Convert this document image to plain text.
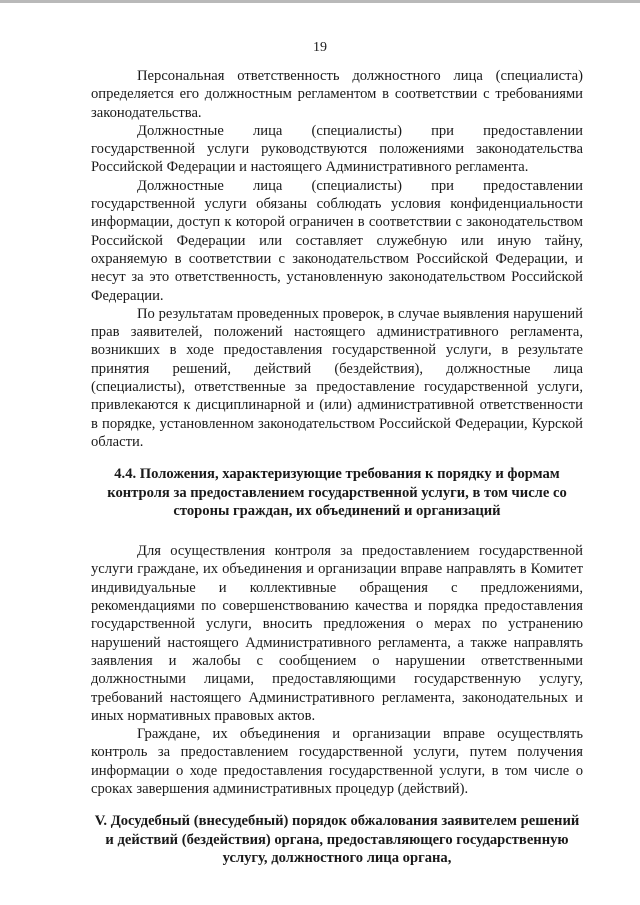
19

Персональная ответственность должностного лица (специалиста) определяется его должностным регламентом в соответствии с требованиями законодательства.

Должностные лица (специалисты) при предоставлении государственной услуги руководствуются положениями законодательства Российской Федерации и настоящего Административного регламента.

Должностные лица (специалисты) при предоставлении государственной услуги обязаны соблюдать условия конфиденциальности информации, доступ к которой ограничен в соответствии с законодательством Российской Федерации или составляет служебную или иную тайну, охраняемую в соответствии с законодательством Российской Федерации, и несут за это ответственность, установленную законодательством Российской Федерации.

По результатам проведенных проверок, в случае выявления нарушений прав заявителей, положений настоящего административного регламента, возникших в ходе предоставления государственной услуги, в результате принятия решений, действий (бездействия), должностные лица (специалисты), ответственные за предоставление государственной услуги, привлекаются к дисциплинарной и (или) административной ответственности в порядке, установленном законодательством Российской Федерации, Курской области.

4.4. Положения, характеризующие требования к порядку и формам контроля за предоставлением государственной услуги, в том числе со стороны граждан, их объединений и организаций

Для осуществления контроля за предоставлением государственной услуги граждане, их объединения и организации вправе направлять в Комитет индивидуальные и коллективные обращения с предложениями, рекомендациями по совершенствованию качества и порядка предоставления государственной услуги, вносить предложения о мерах по устранению нарушений настоящего Административного регламента, а также направлять заявления и жалобы с сообщением о нарушении ответственными должностными лицами, предоставляющими государственную услугу, требований настоящего Административного регламента, законодательных и иных нормативных правовых актов.

Граждане, их объединения и организации вправе осуществлять контроль за предоставлением государственной услуги, путем получения информации о ходе предоставления государственной услуги, в том числе о сроках завершения административных процедур (действий).

V. Досудебный (внесудебный) порядок обжалования заявителем решений и действий (бездействия) органа, предоставляющего государственную услугу, должностного лица органа,
